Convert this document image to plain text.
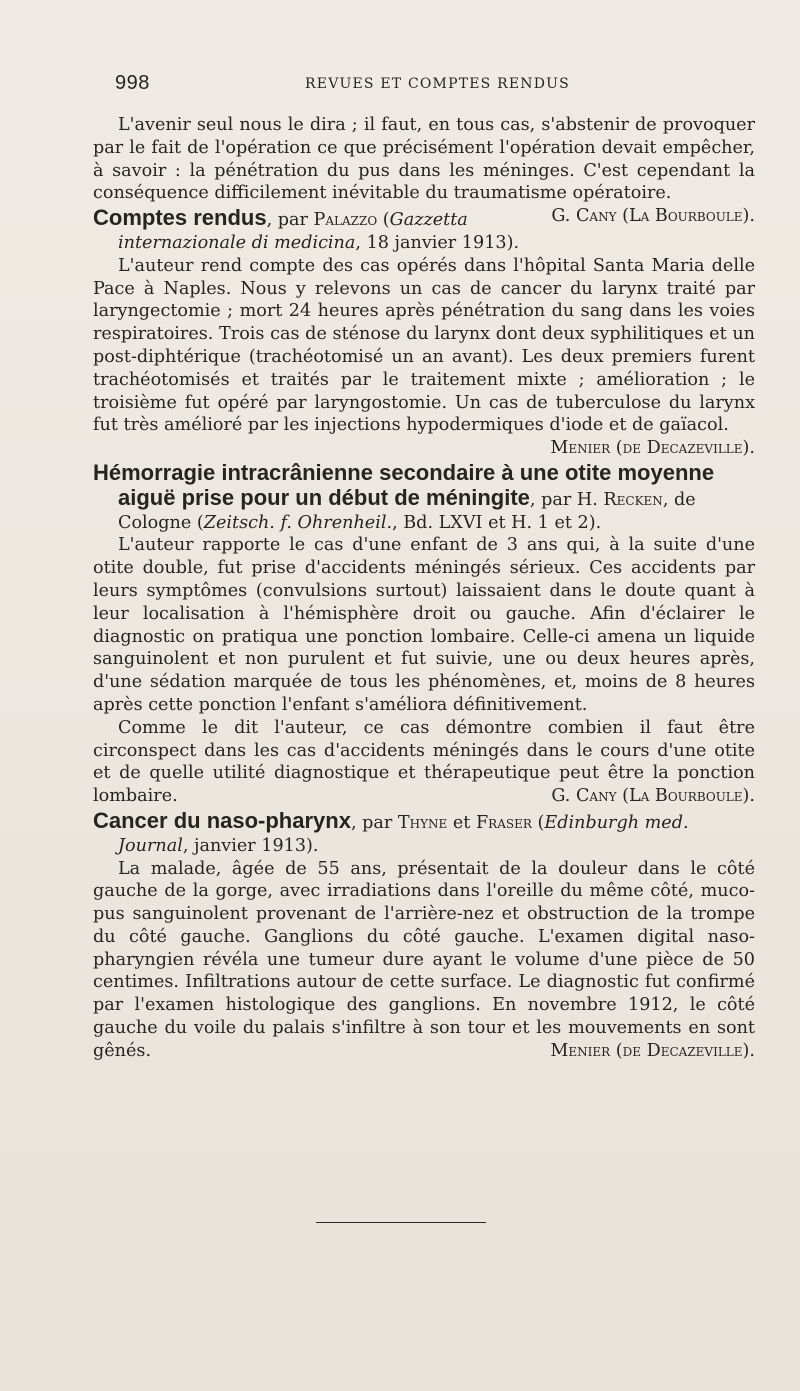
998	REVUES ET COMPTES RENDUS

L'avenir seul nous le dira ; il faut, en tous cas, s'abstenir de provoquer par le fait de l'opération ce que précisément l'opération devait empêcher, à savoir : la pénétration du pus dans les méninges. C'est cependant la conséquence difficilement inévitable du traumatisme opératoire.
G. Cany (La Bourboule).

Comptes rendus, par Palazzo (Gazzetta internazionale di medicina, 18 janvier 1913).

L'auteur rend compte des cas opérés dans l'hôpital Santa Maria delle Pace à Naples. Nous y relevons un cas de cancer du larynx traité par laryngectomie ; mort 24 heures après pénétration du sang dans les voies respiratoires. Trois cas de sténose du larynx dont deux syphilitiques et un post-diphtérique (trachéotomisé un an avant). Les deux premiers furent trachéotomisés et traités par le traitement mixte ; amélioration ; le troisième fut opéré par laryngostomie. Un cas de tuberculose du larynx fut très amélioré par les injections hypodermiques d'iode et de gaïacol.

Menier (de Decazeville).

Hémorragie intracrânienne secondaire à une otite moyenne aiguë prise pour un début de méningite, par H. Recken, de Cologne (Zeitsch. f. Ohrenheil., Bd. LXVI et H. 1 et 2).

L'auteur rapporte le cas d'une enfant de 3 ans qui, à la suite d'une otite double, fut prise d'accidents méningés sérieux. Ces accidents par leurs symptômes (convulsions surtout) laissaient dans le doute quant à leur localisation à l'hémisphère droit ou gauche. Afin d'éclairer le diagnostic on pratiqua une ponction lombaire. Celle-ci amena un liquide sanguinolent et non purulent et fut suivie, une ou deux heures après, d'une sédation marquée de tous les phénomènes, et, moins de 8 heures après cette ponction l'enfant s'améliora définitivement.

Comme le dit l'auteur, ce cas démontre combien il faut être circonspect dans les cas d'accidents méningés dans le cours d'une otite et de quelle utilité diagnostique et thérapeutique peut être la ponction lombaire.	G. Cany (La Bourboule).

Cancer du naso-pharynx, par Thyne et Fraser (Edinburgh med. Journal, janvier 1913).

La malade, âgée de 55 ans, présentait de la douleur dans le côté gauche de la gorge, avec irradiations dans l'oreille du même côté, muco-pus sanguinolent provenant de l'arrière-nez et obstruction de la trompe du côté gauche. Ganglions du côté gauche. L'examen digital naso-pharyngien révéla une tumeur dure ayant le volume d'une pièce de 50 centimes. Infiltrations autour de cette surface. Le diagnostic fut confirmé par l'examen histologique des ganglions. En novembre 1912, le côté gauche du voile du palais s'infiltre à son tour et les mouvements en sont gênés.	Menier (de Decazeville).
